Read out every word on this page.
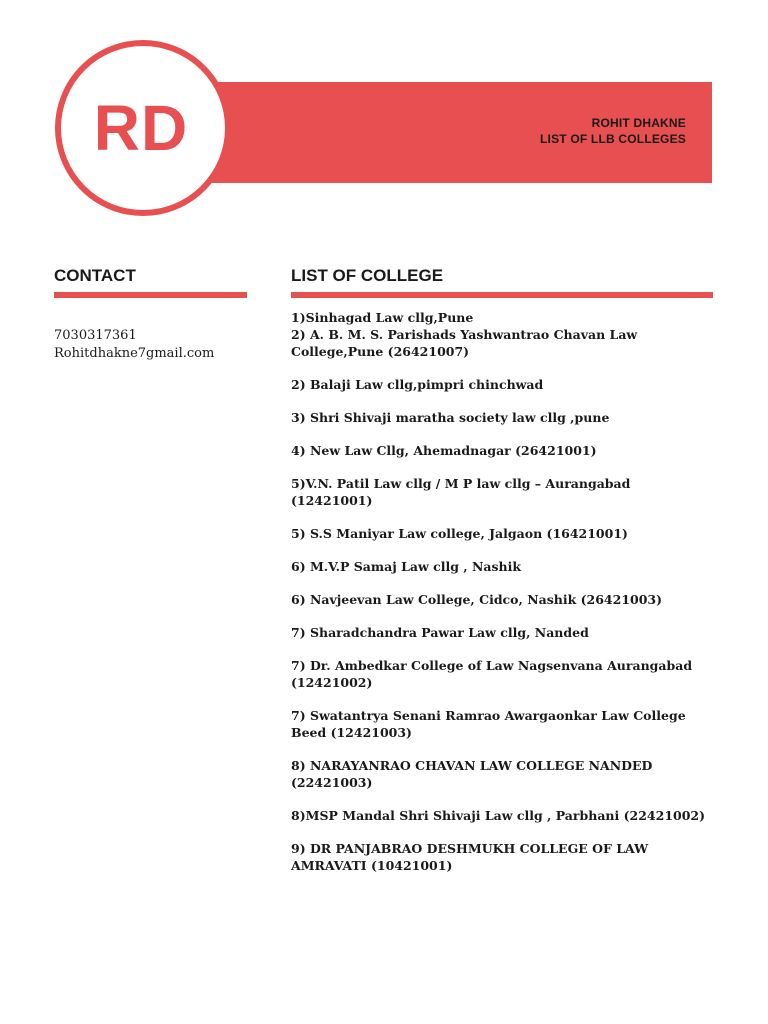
ROHIT DHAKNE
LIST OF LLB COLLEGES
RD
CONTACT
7030317361
Rohitdhakne7gmail.com
LIST OF COLLEGE

1)Sinhagad Law cllg,Pune

2) A. B. M. S. Parishads Yashwantrao Chavan Law College,Pune (26421007)

2) Balaji Law cllg,pimpri chinchwad

3) Shri Shivaji maratha society law cllg ,pune

4) New Law Cllg, Ahemadnagar (26421001)

5)V.N. Patil Law cllg / M P law cllg – Aurangabad (12421001)

5) S.S Maniyar Law college, Jalgaon (16421001)

6) M.V.P Samaj Law cllg , Nashik

6) Navjeevan Law College, Cidco, Nashik (26421003)

7) Sharadchandra Pawar Law cllg, Nanded

7) Dr. Ambedkar College of Law Nagsenvana Aurangabad (12421002)

7) Swatantrya Senani Ramrao Awargaonkar Law College Beed (12421003)

8) NARAYANRAO CHAVAN LAW COLLEGE NANDED (22421003)

8)MSP Mandal Shri Shivaji Law cllg , Parbhani (22421002)

9) DR PANJABRAO DESHMUKH COLLEGE OF LAW AMRAVATI (10421001)
